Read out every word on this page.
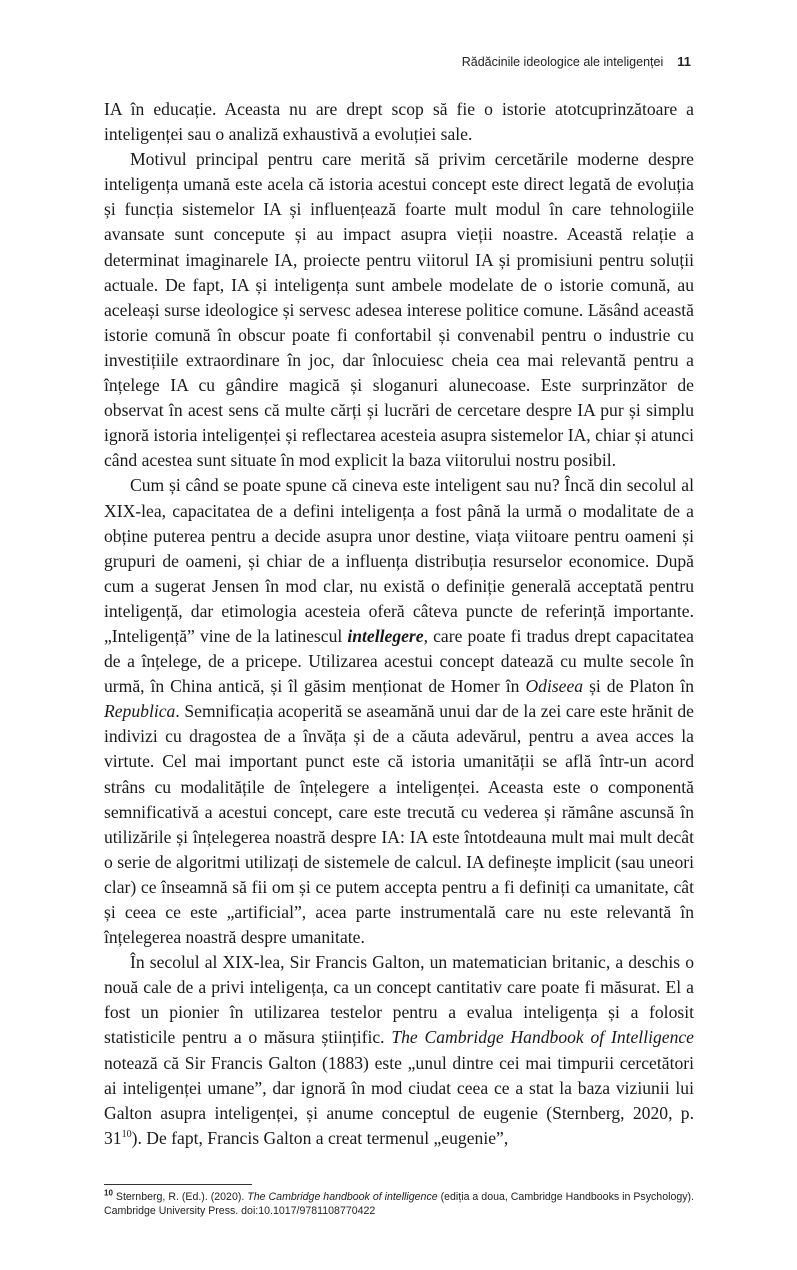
Rădăcinile ideologice ale inteligenței 11

IA în educație. Aceasta nu are drept scop să fie o istorie atotcuprinzătoare a inteligenței sau o analiză exhaustivă a evoluției sale.

Motivul principal pentru care merită să privim cercetările moderne despre inteligența umană este acela că istoria acestui concept este direct legată de evoluția și funcția sistemelor IA și influențează foarte mult modul în care tehnologiile avansate sunt concepute și au impact asupra vieții noastre. Această relație a determinat imaginarele IA, proiecte pentru viitorul IA și promisiuni pentru soluții actuale. De fapt, IA și inteligența sunt ambele modelate de o istorie comună, au aceleași surse ideologice și servesc adesea interese politice comune. Lăsând această istorie comună în obscur poate fi confortabil și convenabil pentru o industrie cu investițiile extraordinare în joc, dar înlocuiesc cheia cea mai relevantă pentru a înțelege IA cu gândire magică și sloganuri alunecoase. Este surprinzător de observat în acest sens că multe cărți și lucrări de cercetare despre IA pur și simplu ignoră istoria inteligenței și reflectarea acesteia asupra sistemelor IA, chiar și atunci când acestea sunt situate în mod explicit la baza viitorului nostru posibil.

Cum și când se poate spune că cineva este inteligent sau nu? Încă din secolul al XIX-lea, capacitatea de a defini inteligența a fost până la urmă o modalitate de a obține puterea pentru a decide asupra unor destine, viața viitoare pentru oameni și grupuri de oameni, și chiar de a influența distribuția resurselor economice. După cum a sugerat Jensen în mod clar, nu există o definiție generală acceptată pentru inteligență, dar etimologia acesteia oferă câteva puncte de referință importante. „Inteligență” vine de la latinescul intellegere, care poate fi tradus drept capacitatea de a înțelege, de a pricepe. Utilizarea acestui concept datează cu multe secole în urmă, în China antică, și îl găsim menționat de Homer în Odiseea și de Platon în Republica. Semnificația acoperită se aseamănă unui dar de la zei care este hrănit de indivizi cu dragostea de a învăța și de a căuta adevărul, pentru a avea acces la virtute. Cel mai important punct este că istoria umanității se află într-un acord strâns cu modalitățile de înțelegere a inteligenței. Aceasta este o componentă semnificativă a acestui concept, care este trecută cu vederea și rămâne ascunsă în utilizările și înțelegerea noastră despre IA: IA este întotdeauna mult mai mult decât o serie de algoritmi utilizați de sistemele de calcul. IA definește implicit (sau uneori clar) ce înseamnă să fii om și ce putem accepta pentru a fi definiți ca umanitate, cât și ceea ce este „artificial”, acea parte instrumentală care nu este relevantă în înțelegerea noastră despre umanitate.

În secolul al XIX-lea, Sir Francis Galton, un matematician britanic, a deschis o nouă cale de a privi inteligența, ca un concept cantitativ care poate fi măsurat. El a fost un pionier în utilizarea testelor pentru a evalua inteligența și a folosit statisticile pentru a o măsura științific. The Cambridge Handbook of Intelligence notează că Sir Francis Galton (1883) este „unul dintre cei mai timpurii cercetători ai inteligenței umane”, dar ignoră în mod ciudat ceea ce a stat la baza viziunii lui Galton asupra inteligenței, și anume conceptul de eugenie (Sternberg, 2020, p. $31^{10}$). De fapt, Francis Galton a creat termenul „eugenie”,

$^{10}$ Sternberg, R. (Ed.). (2020). The Cambridge handbook of intelligence (ediția a doua, Cambridge Handbooks in Psychology). Cambridge University Press. doi:10.1017/9781108770422
